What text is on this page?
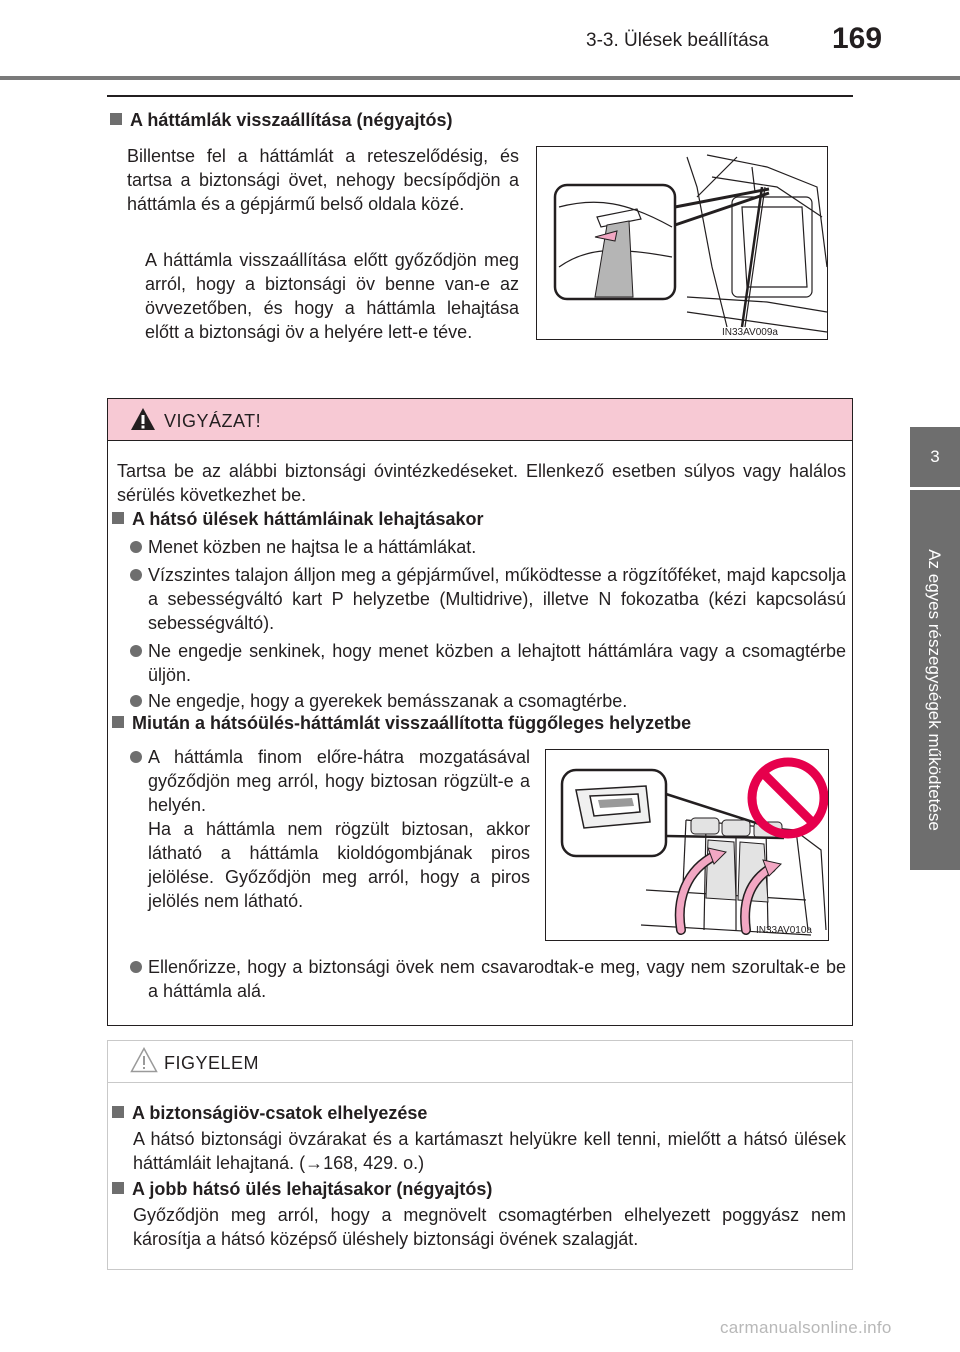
3-3. Ülések beállítása 169
3
Az egyes részegységek működtetése
A háttámlák visszaállítása (négyajtós)
Billentse fel a háttámlát a reteszelődésig, és tartsa a biztonsági övet, nehogy becsípődjön a háttámla és a gépjármű belső oldala közé.
A háttámla visszaállítása előtt győződjön meg arról, hogy a biztonsági öv benne van-e az övvezetőben, és hogy a háttámla lehajtása előtt a biztonsági öv a helyére lett-e téve.	IN33AV009a
VIGYÁZAT!
Tartsa be az alábbi biztonsági óvintézkedéseket. Ellenkező esetben súlyos vagy halálos sérülés következhet be.
A hátsó ülések háttámláinak lehajtásakor
Menet közben ne hajtsa le a háttámlákat.
Vízszintes talajon álljon meg a gépjárművel, működtesse a rögzítőféket, majd kapcsolja a sebességváltó kart P helyzetbe (Multidrive), illetve N fokozatba (kézi kapcsolású sebességváltó).
Ne engedje senkinek, hogy menet közben a lehajtott háttámlára vagy a csomagtérbe üljön.
Ne engedje, hogy a gyerekek bemásszanak a csomagtérbe.
Miután a hátsóülés-háttámlát visszaállította függőleges helyzetbe
A háttámla finom előre-hátra mozgatásával győződjön meg arról, hogy biztosan rögzült-e a helyén.
Ha a háttámla nem rögzült biztosan, akkor látható a háttámla kioldógombjának piros jelölése. Győződjön meg arról, hogy a piros jelölés nem látható.
IN33AV010a
Ellenőrizze, hogy a biztonsági övek nem csavarodtak-e meg, vagy nem szorultak-e be a háttámla alá.
FIGYELEM
A biztonságiöv-csatok elhelyezése
A hátsó biztonsági övzárakat és a kartámaszt helyükre kell tenni, mielőtt a hátsó ülések háttámláit lehajtaná. (→168, 429. o.)
A jobb hátsó ülés lehajtásakor (négyajtós)
Győződjön meg arról, hogy a megnövelt csomagtérben elhelyezett poggyász nem károsítja a hátsó középső üléshely biztonsági övének szalagját.
carmanualsonline.info
